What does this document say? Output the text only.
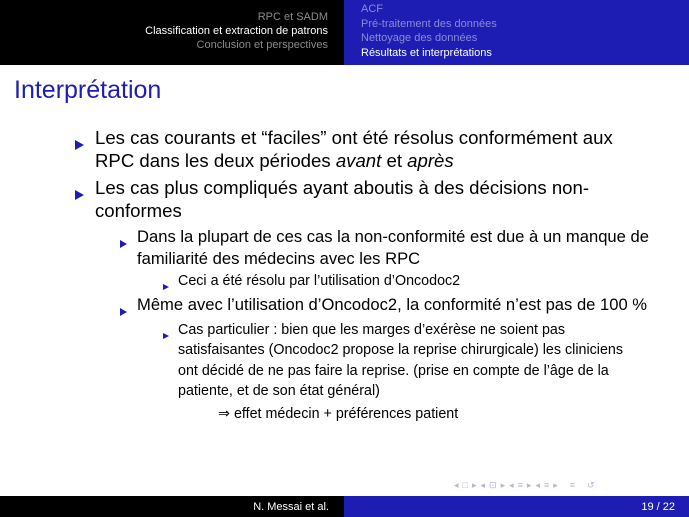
RPC et SADM
Classification et extraction de patrons
Conclusion et perspectives
ACF
Pré-traitement des données
Nettoyage des données
Résultats et interprétations
Interprétation
Les cas courants et “faciles” ont été résolus conformément aux RPC dans les deux périodes avant et après
Les cas plus compliqués ayant aboutis à des décisions non-conformes
Dans la plupart de ces cas la non-conformité est due à un manque de familiarité des médecins avec les RPC
Ceci a été résolu par l’utilisation d’Oncodoc2
Même avec l’utilisation d’Oncodoc2, la conformité n’est pas de 100 %
Cas particulier : bien que les marges d’exérèse ne soient pas satisfaisantes (Oncodoc2 propose la reprise chirurgicale) les cliniciens ont décidé de ne pas faire la reprise. (prise en compte de l’âge de la patiente, et de son état général)
⇒ effet médecin + préférences patient
◂ □ ▸ ◂ ⊡ ▸ ◂ ≡ ▸ ◂ ≡ ▸ ≡ ↺
N. Messai et al.	19 / 22
